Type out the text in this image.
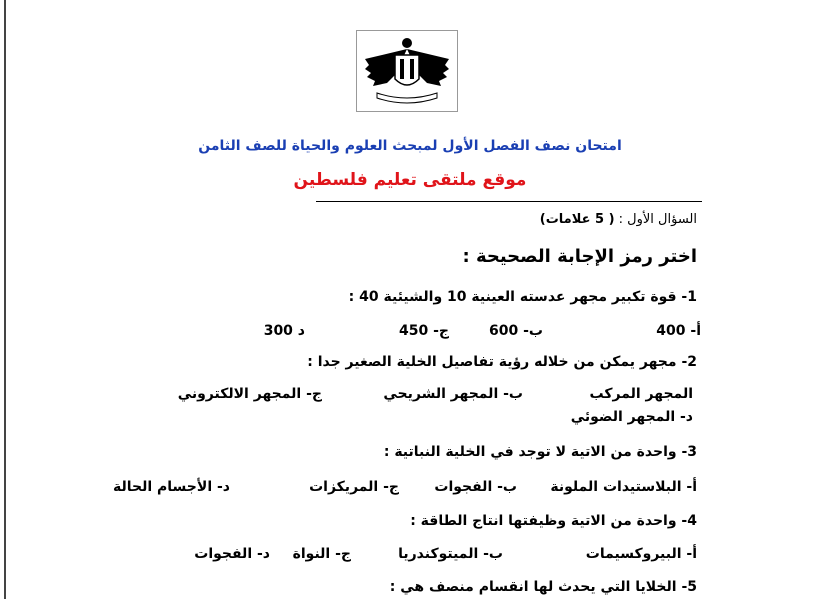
امتحان نصف الفصل الأول لمبحث العلوم والحياة للصف الثامن
موقع ملتقى تعليم فلسطين
السؤال الأول : ( 5 علامات)
اختر رمز الإجابة الصحيحة :
1- قوة تكبير مجهر عدسته العينية 10 والشيئية 40 :
أ- 400
ب- 600
ج- 450
د 300
2- مجهر يمكن من خلاله رؤية تفاصيل الخلية الصغير جدا :
المجهر المركب
ب- المجهر الشريحي
ج- المجهر الالكتروني
د- المجهر الضوئي
3- واحدة من الاتية لا توجد في الخلية النباتية :
أ- البلاستيدات الملونة
ب- الفجوات
ج- المريكزات
د- الأجسام الحالة
4- واحدة من الاتية وظيفتها انتاج الطاقة :
أ- البيروكسيمات
ب- الميتوكندريا
ج- النواة
د- الفجوات
5- الخلايا التي يحدث لها انقسام منصف هي :
